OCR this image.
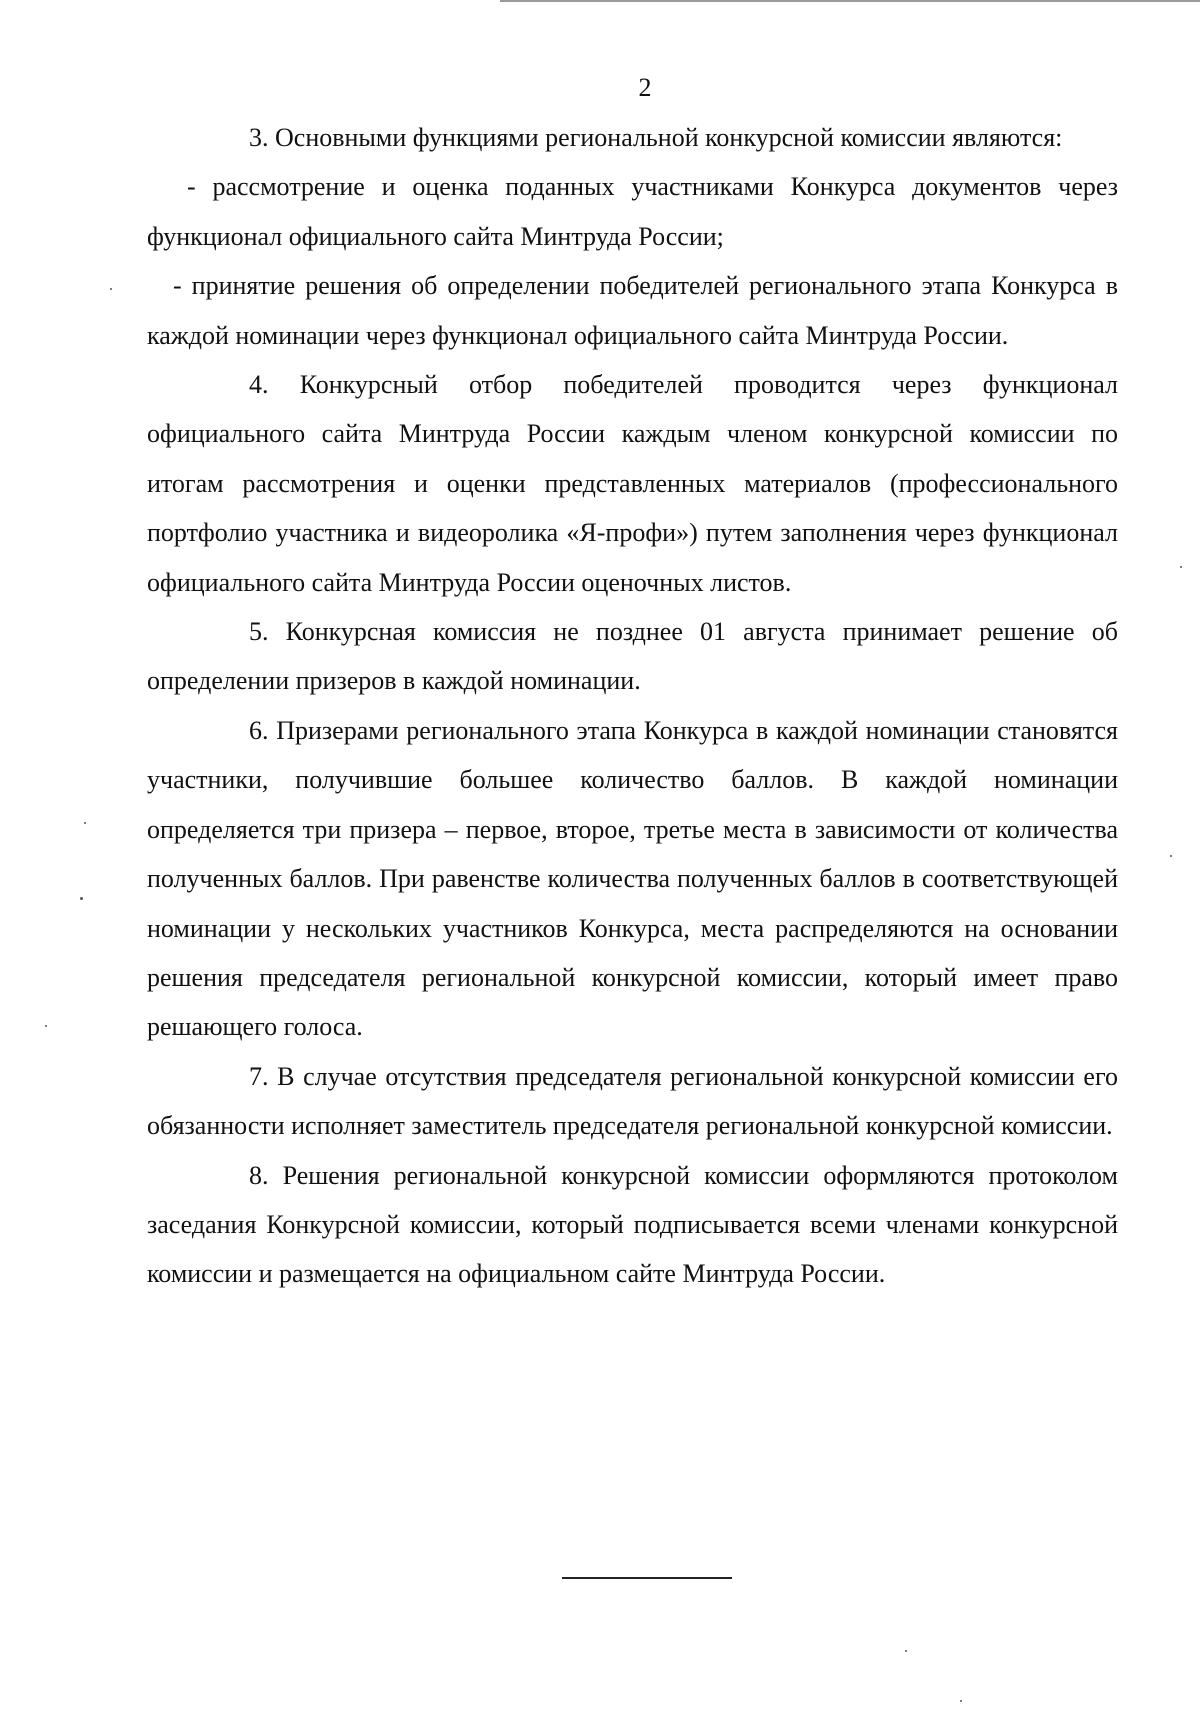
2

3. Основными функциями региональной конкурсной комиссии являются:

- рассмотрение и оценка поданных участниками Конкурса документов через функционал официального сайта Минтруда России;

- принятие решения об определении победителей регионального этапа Конкурса в каждой номинации через функционал официального сайта Минтруда России.

4. Конкурсный отбор победителей проводится через функционал официального сайта Минтруда России каждым членом конкурсной комиссии по итогам рассмотрения и оценки представленных материалов (профессионального портфолио участника и видеоролика «Я-профи») путем заполнения через функционал официального сайта Минтруда России оценочных листов.

5. Конкурсная комиссия не позднее 01 августа принимает решение об определении призеров в каждой номинации.

6. Призерами регионального этапа Конкурса в каждой номинации становятся участники, получившие большее количество баллов. В каждой номинации определяется три призера – первое, второе, третье места в зависимости от количества полученных баллов. При равенстве количества полученных баллов в соответствующей номинации у нескольких участников Конкурса, места распределяются на основании решения председателя региональной конкурсной комиссии, который имеет право решающего голоса.

7. В случае отсутствия председателя региональной конкурсной комиссии его обязанности исполняет заместитель председателя региональной конкурсной комиссии.

8. Решения региональной конкурсной комиссии оформляются протоколом заседания Конкурсной комиссии, который подписывается всеми членами конкурсной комиссии и размещается на официальном сайте Минтруда России.
